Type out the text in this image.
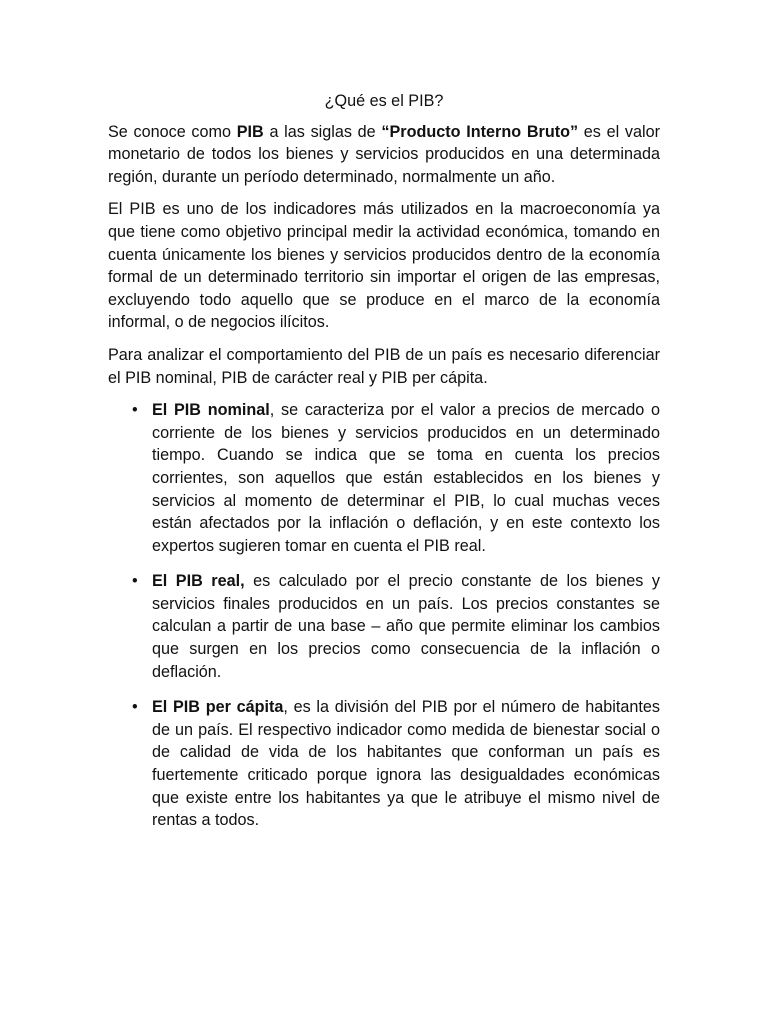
¿Qué es el PIB?

Se conoce como PIB a las siglas de “Producto Interno Bruto” es el valor monetario de todos los bienes y servicios producidos en una determinada región, durante un período determinado, normalmente un año.

El PIB es uno de los indicadores más utilizados en la macroeconomía ya que tiene como objetivo principal medir la actividad económica, tomando en cuenta únicamente los bienes y servicios producidos dentro de la economía formal de un determinado territorio sin importar el origen de las empresas, excluyendo todo aquello que se produce en el marco de la economía informal, o de negocios ilícitos.

Para analizar el comportamiento del PIB de un país es necesario diferenciar el PIB nominal, PIB de carácter real y PIB per cápita.

• El PIB nominal, se caracteriza por el valor a precios de mercado o corriente de los bienes y servicios producidos en un determinado tiempo. Cuando se indica que se toma en cuenta los precios corrientes, son aquellos que están establecidos en los bienes y servicios al momento de determinar el PIB, lo cual muchas veces están afectados por la inflación o deflación, y en este contexto los expertos sugieren tomar en cuenta el PIB real.
• El PIB real, es calculado por el precio constante de los bienes y servicios finales producidos en un país. Los precios constantes se calculan a partir de una base – año que permite eliminar los cambios que surgen en los precios como consecuencia de la inflación o deflación.
• El PIB per cápita, es la división del PIB por el número de habitantes de un país. El respectivo indicador como medida de bienestar social o de calidad de vida de los habitantes que conforman un país es fuertemente criticado porque ignora las desigualdades económicas que existe entre los habitantes ya que le atribuye el mismo nivel de rentas a todos.
